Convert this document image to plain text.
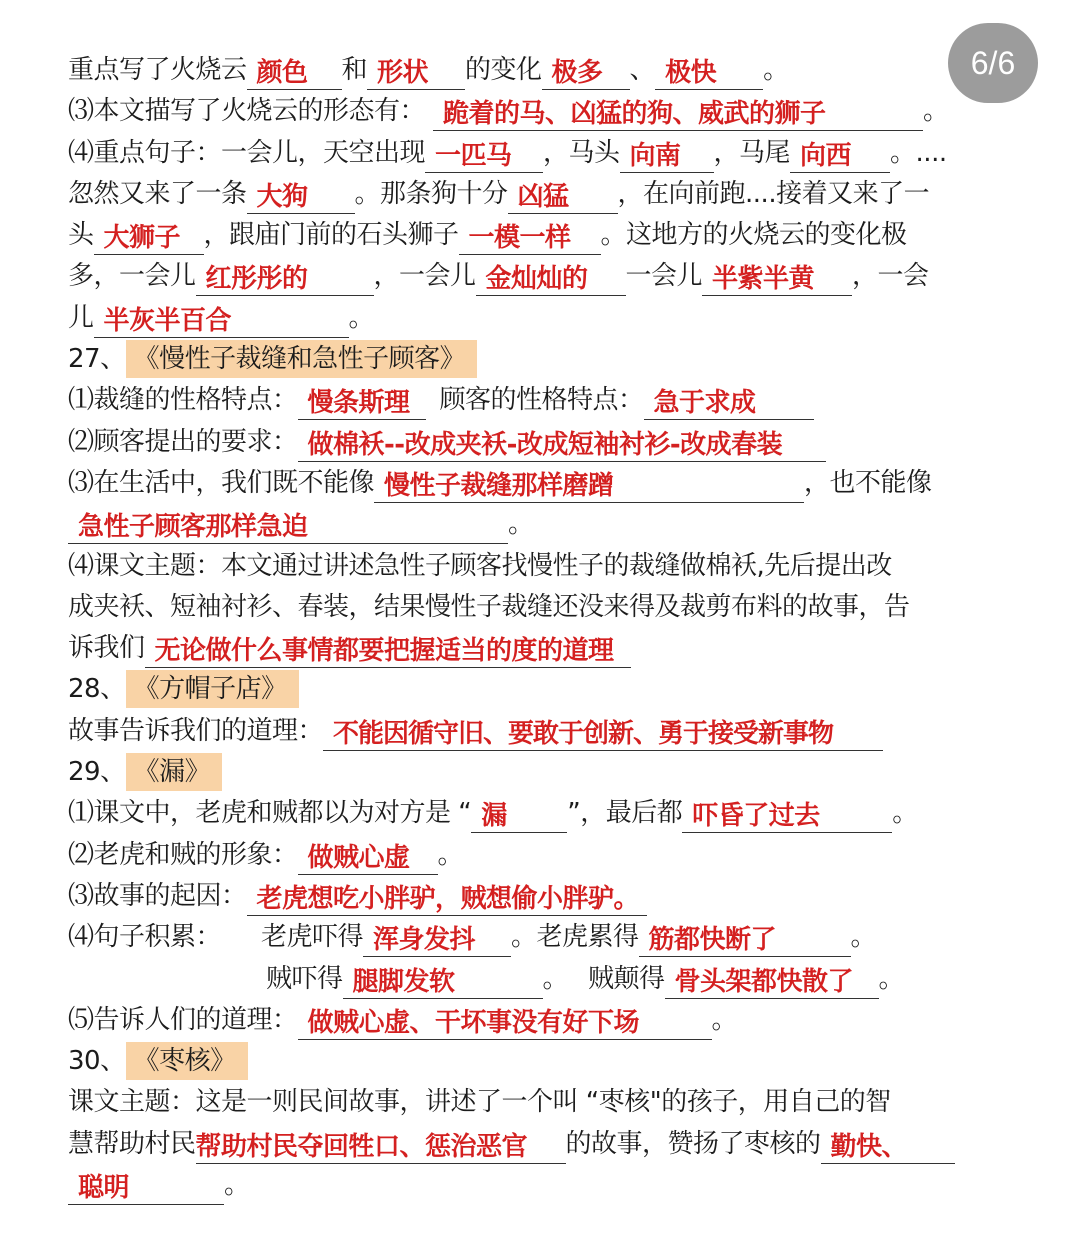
6/6
重点写了火烧云 颜色 和 形状 的变化 极多 、 极快 。
⑶本文描写了火烧云的形态有： 跪着的马、凶猛的狗、威武的狮子	。
⑷重点句子：一会儿，天空出现 一匹马 ，马头 向南 ，马尾 向西 。....
忽然又来了一条 大狗 。那条狗十分 凶猛 ，在向前跑....接着又来了一
头 大狮子 ，跟庙门前的石头狮子 一模一样 。这地方的火烧云的变化极
多，一会儿 红彤彤的	，一会儿 金灿灿的 一会儿 半紫半黄 ，一会
儿 半灰半百合	。
27、 《慢性子裁缝和急性子顾客》
⑴裁缝的性格特点： 慢条斯理 顾客的性格特点： 急于求成
⑵顾客提出的要求： 做棉袄--改成夹袄-改成短袖衬衫-改成春装
⑶在生活中，我们既不能像 慢性子裁缝那样磨蹭	，也不能像
急性子顾客那样急迫	。
⑷课文主题：本文通过讲述急性子顾客找慢性子的裁缝做棉袄,先后提出改
成夹袄、短袖衬衫、春装，结果慢性子裁缝还没来得及裁剪布料的故事，告
诉我们 无论做什么事情都要把握适当的度的道理
28、 《方帽子店》
故事告诉我们的道理： 不能因循守旧、要敢于创新、勇于接受新事物
29、 《漏》
⑴课文中，老虎和贼都以为对方是 “ 漏 ”，最后都 吓昏了过去	。
⑵老虎和贼的形象： 做贼心虚 。
⑶故事的起因： 老虎想吃小胖驴，贼想偷小胖驴。
⑷句子积累： 老虎吓得 浑身发抖 。老虎累得 筋都快断了	。
贼吓得 腿脚发软	。 贼颠得 骨头架都快散了 。
⑸告诉人们的道理： 做贼心虚、干坏事没有好下场	。
30、 《枣核》
课文主题：这是一则民间故事，讲述了一个叫 “枣核"的孩子，用自己的智
慧帮助村民帮助村民夺回牲口、惩治恶官 的故事，赞扬了枣核的 勤快、
聪明	。
